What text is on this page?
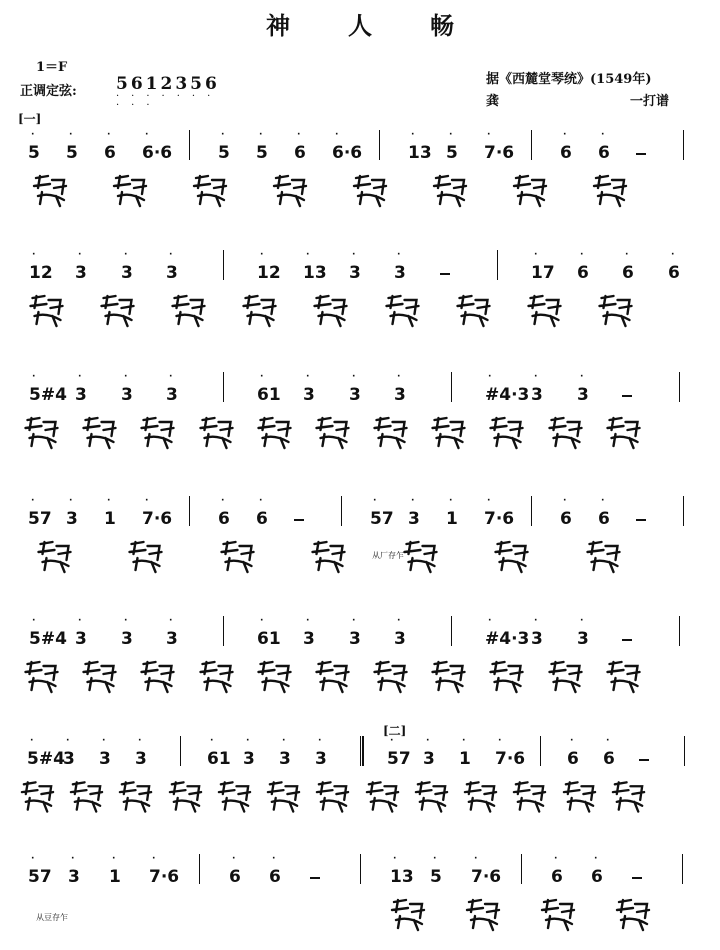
神人畅
1＝F
正调定弦: 5612356
·······
···
据《西麓堂琴统》(1549年)
龚	一打谱
[一]
[二]
5
·
5
·
6
·
6·6
·
5
·
5
·
6
·
6·6
·
13
·
5
·
7·6
·
6
·
6
·
12
·
3
·
3
·
3
·
12
·
13
·
3
·
3
·
17
·
6
·
6
·
6
·
5#4
·
3
·
3
·
3
·
61
·
3
·
3
·
3
·
#4·3
·
3
·
3
·
57
·
3
·
1
·
7·6
·
6
·
6
·
57
·
3
·
1
·
7·6
·
6
·
6
·
5#4
·
3
·
3
·
3
·
61
·
3
·
3
·
3
·
#4·3
·
3
·
3
·
5#4
·
3
·
3
·
3
·
61
·
3
·
3
·
3
·
57
·
3
·
1
·
7·6
·
6
·
6
·
57
·
3
·
1
·
7·6
·
6
·
6
·
13
·
5
·
7·6
·
6
·
6
·
从厂存乍
从豆存乍
